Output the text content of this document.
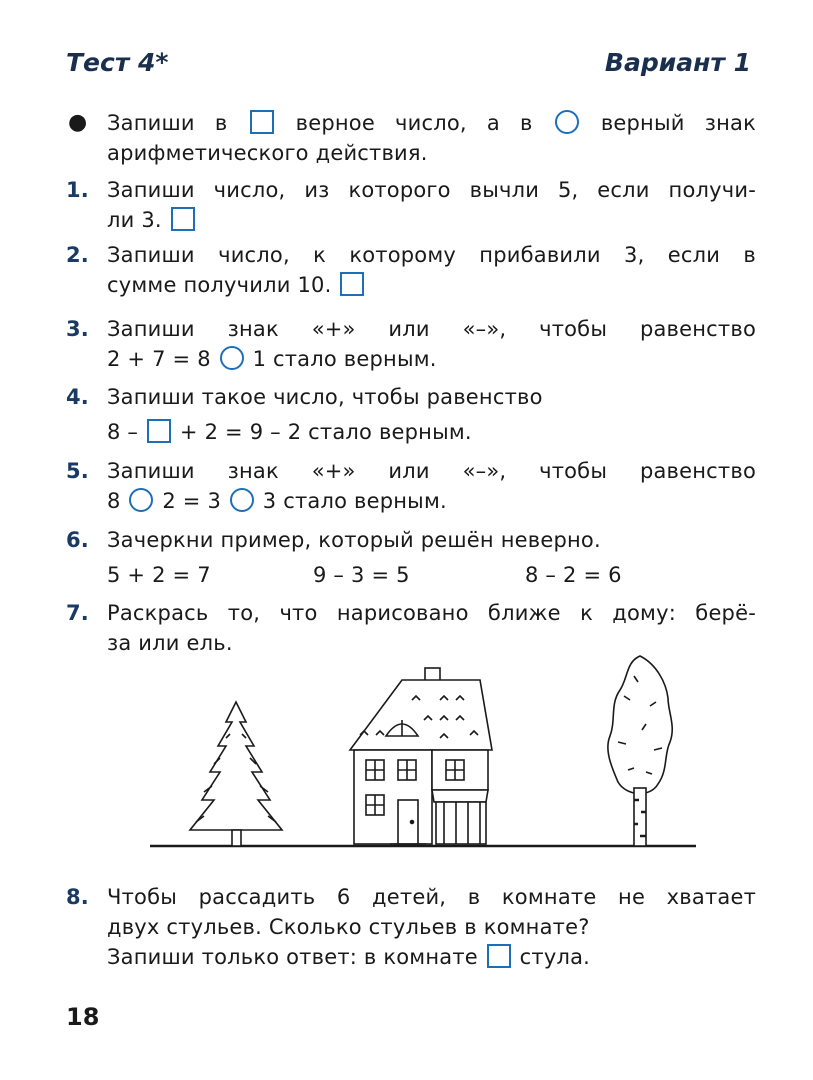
Тест 4*	Вариант 1
● Запиши в	верное число, а в	верный знак
арифметического действия.
1. Запиши число, из которого вычли 5, если получи-
ли 3.
2. Запиши число, к которому прибавили 3, если в
сумме получили 10.
3. Запиши знак «+» или «–», чтобы равенство
2 + 7 = 8 1 стало верным.
4. Запиши такое число, чтобы равенство
8 – + 2 = 9 – 2 стало верным.
5. Запиши знак «+» или «–», чтобы равенство
8 2 = 3 3 стало верным.
6. Зачеркни пример, который решён неверно.
5 + 2 = 7	9 – 3 = 5	8 – 2 = 6
7. Раскрась то, что нарисовано ближе к дому: берё-
за или ель.
8. Чтобы рассадить 6 детей, в комнате не хватает
двух стульев. Сколько стульев в комнате?
Запиши только ответ: в комнате стула.
18
